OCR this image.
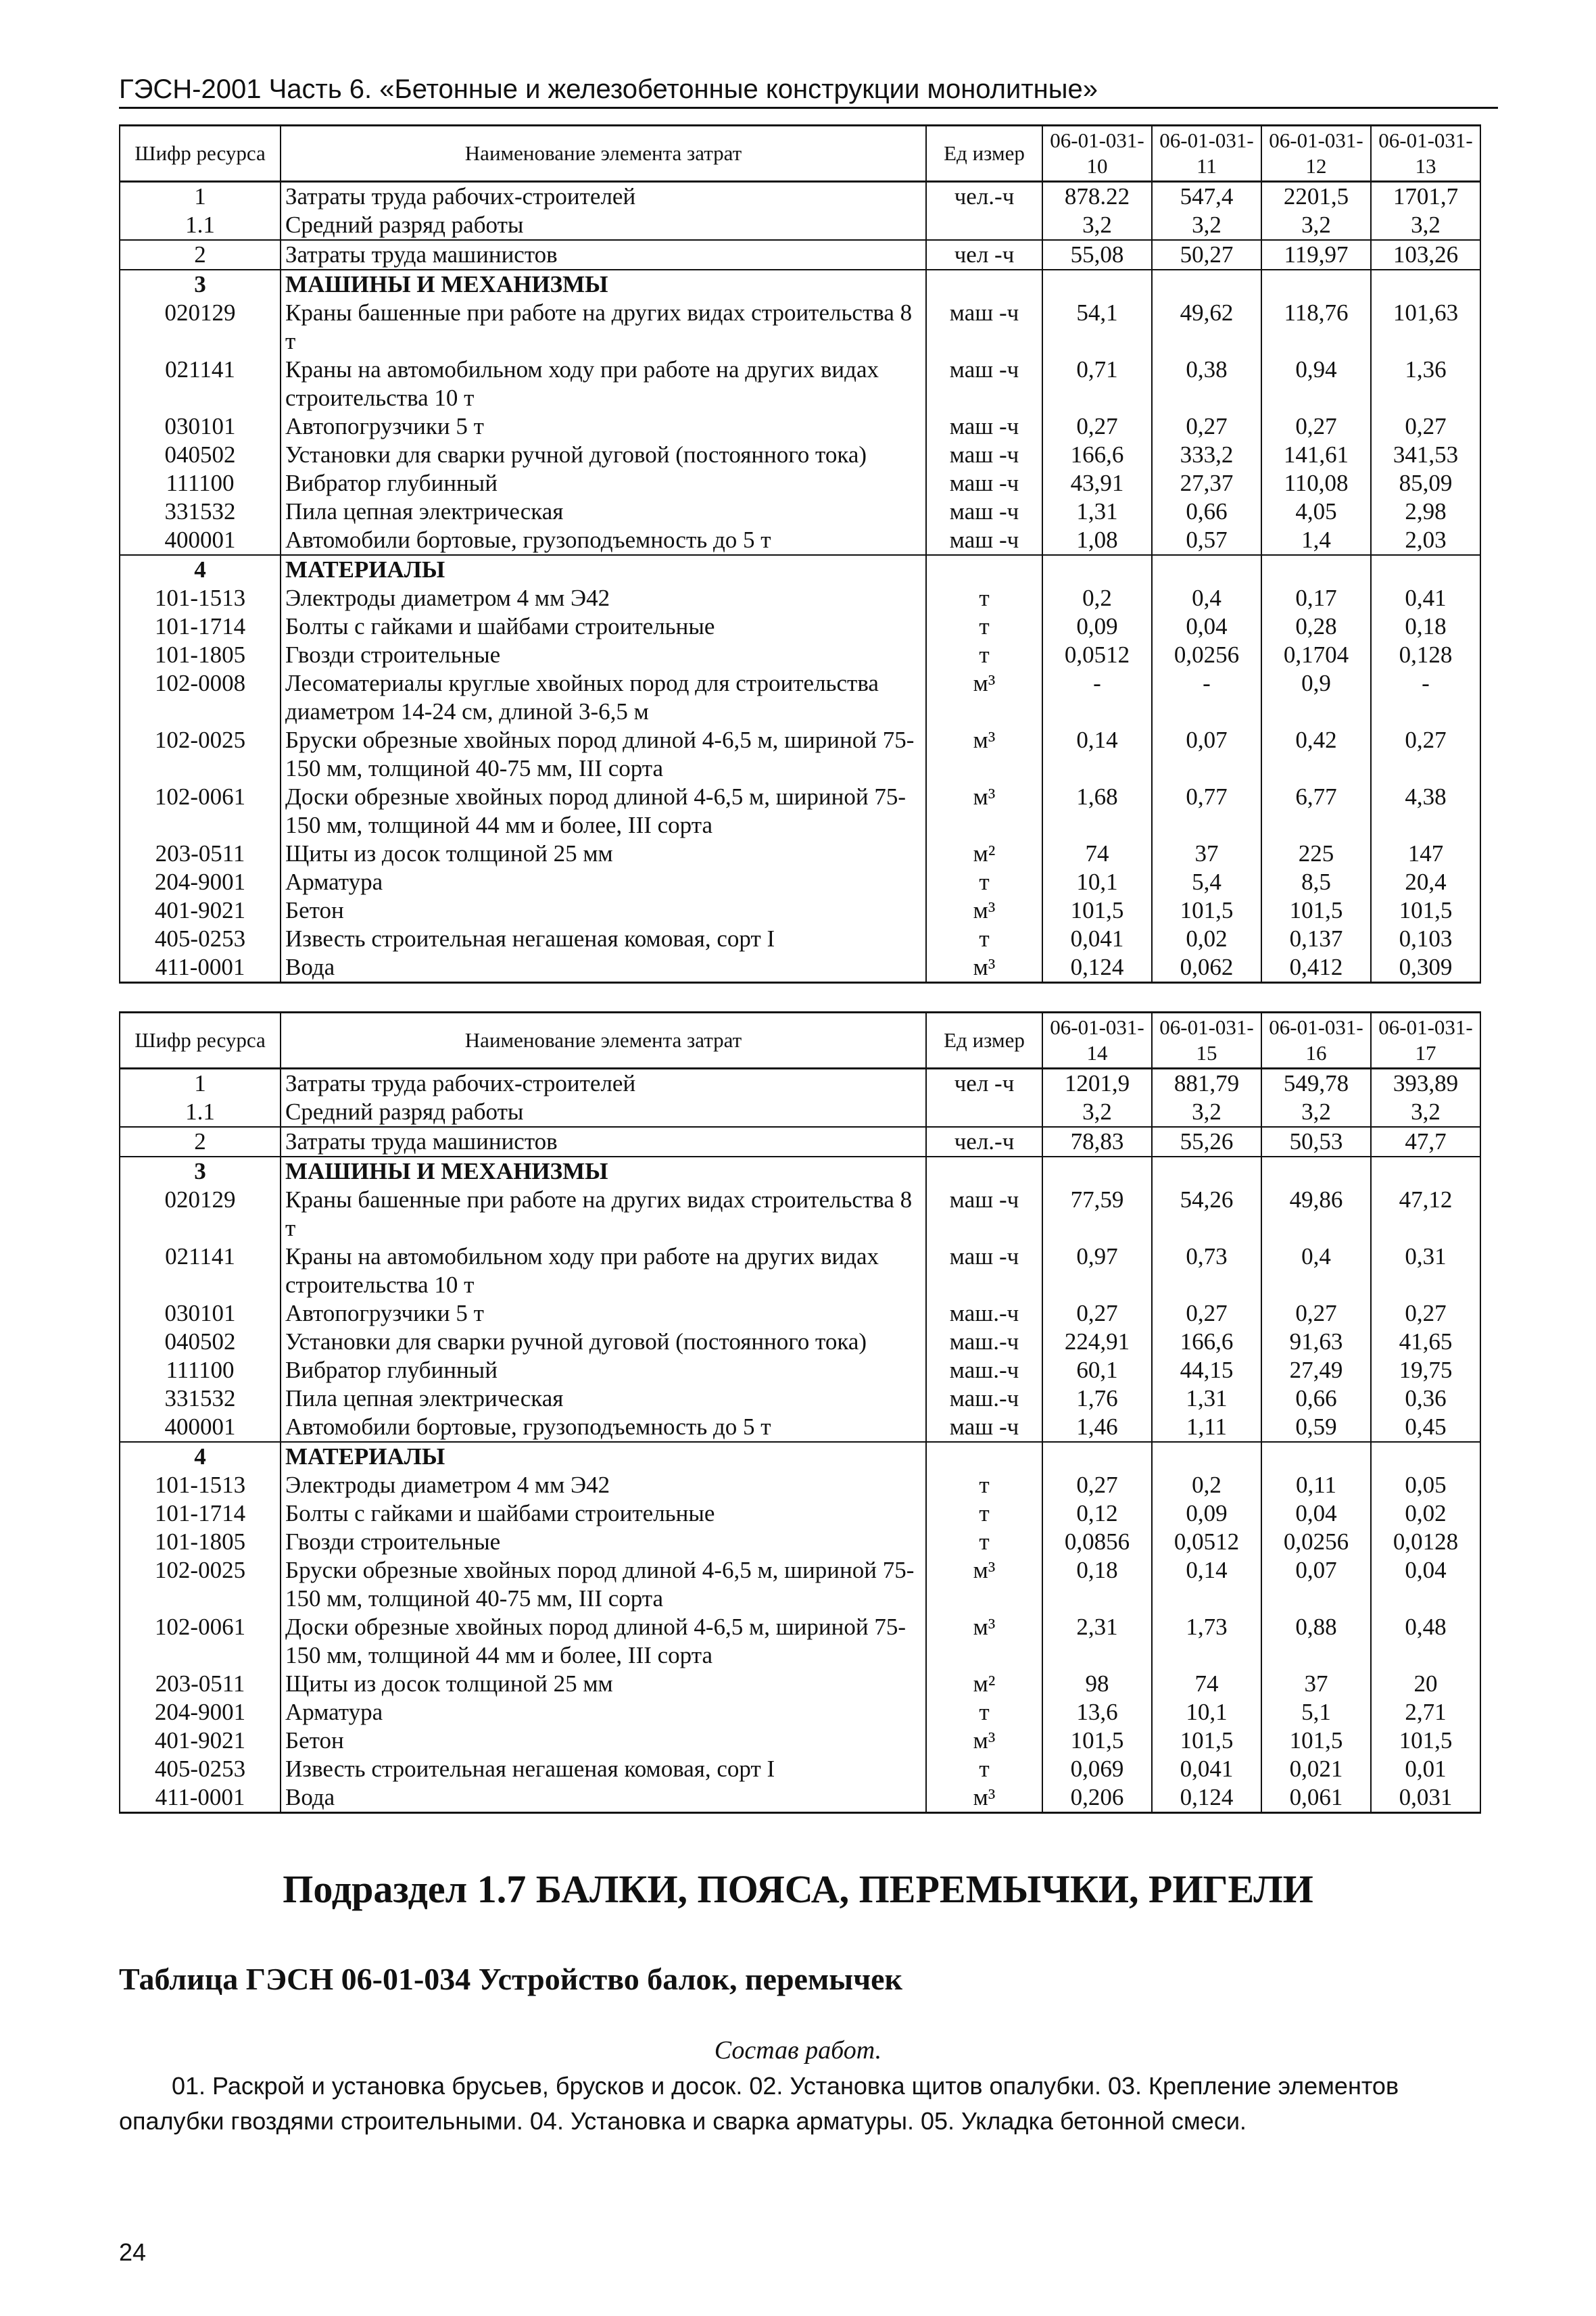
ГЭСН-2001 Часть 6. «Бетонные и железобетонные конструкции монолитные»
Шифр ресурса	Наименование элемента затрат	Ед измер	06-01-031-10	06-01-031-11	06-01-031-12	06-01-031-13
1	Затраты труда рабочих-строителей	чел.-ч	878.22	547,4	2201,5	1701,7
1.1	Средний разряд работы		3,2	3,2	3,2	3,2
2	Затраты труда машинистов	чел -ч	55,08	50,27	119,97	103,26
3	МАШИНЫ И МЕХАНИЗМЫ					
020129	Краны башенные при работе на других видах строительства 8 т	маш -ч	54,1	49,62	118,76	101,63
021141	Краны на автомобильном ходу при работе на других видах строительства 10 т	маш -ч	0,71	0,38	0,94	1,36
030101	Автопогрузчики 5 т	маш -ч	0,27	0,27	0,27	0,27
040502	Установки для сварки ручной дуговой (постоянного тока)	маш -ч	166,6	333,2	141,61	341,53
111100	Вибратор глубинный	маш -ч	43,91	27,37	110,08	85,09
331532	Пила цепная электрическая	маш -ч	1,31	0,66	4,05	2,98
400001	Автомобили бортовые, грузоподъемность до 5 т	маш -ч	1,08	0,57	1,4	2,03
4	МАТЕРИАЛЫ					
101-1513	Электроды диаметром 4 мм Э42	т	0,2	0,4	0,17	0,41
101-1714	Болты с гайками и шайбами строительные	т	0,09	0,04	0,28	0,18
101-1805	Гвозди строительные	т	0,0512	0,0256	0,1704	0,128
102-0008	Лесоматериалы круглые хвойных пород для строительства диаметром 14-24 см, длиной 3-6,5 м	м³	-	-	0,9	-
102-0025	Бруски обрезные хвойных пород длиной 4-6,5 м, шириной 75-150 мм, толщиной 40-75 мм, III сорта	м³	0,14	0,07	0,42	0,27
102-0061	Доски обрезные хвойных пород длиной 4-6,5 м, шириной 75-150 мм, толщиной 44 мм и более, III сорта	м³	1,68	0,77	6,77	4,38
203-0511	Щиты из досок толщиной 25 мм	м²	74	37	225	147
204-9001	Арматура	т	10,1	5,4	8,5	20,4
401-9021	Бетон	м³	101,5	101,5	101,5	101,5
405-0253	Известь строительная негашеная комовая, сорт I	т	0,041	0,02	0,137	0,103
411-0001	Вода	м³	0,124	0,062	0,412	0,309
Шифр ресурса	Наименование элемента затрат	Ед измер	06-01-031-14	06-01-031-15	06-01-031-16	06-01-031-17
1	Затраты труда рабочих-строителей	чел -ч	1201,9	881,79	549,78	393,89
1.1	Средний разряд работы		3,2	3,2	3,2	3,2
2	Затраты труда машинистов	чел.-ч	78,83	55,26	50,53	47,7
3	МАШИНЫ И МЕХАНИЗМЫ					
020129	Краны башенные при работе на других видах строительства 8 т	маш -ч	77,59	54,26	49,86	47,12
021141	Краны на автомобильном ходу при работе на других видах строительства 10 т	маш -ч	0,97	0,73	0,4	0,31
030101	Автопогрузчики 5 т	маш.-ч	0,27	0,27	0,27	0,27
040502	Установки для сварки ручной дуговой (постоянного тока)	маш.-ч	224,91	166,6	91,63	41,65
111100	Вибратор глубинный	маш.-ч	60,1	44,15	27,49	19,75
331532	Пила цепная электрическая	маш.-ч	1,76	1,31	0,66	0,36
400001	Автомобили бортовые, грузоподъемность до 5 т	маш -ч	1,46	1,11	0,59	0,45
4	МАТЕРИАЛЫ					
101-1513	Электроды диаметром 4 мм Э42	т	0,27	0,2	0,11	0,05
101-1714	Болты с гайками и шайбами строительные	т	0,12	0,09	0,04	0,02
101-1805	Гвозди строительные	т	0,0856	0,0512	0,0256	0,0128
102-0025	Бруски обрезные хвойных пород длиной 4-6,5 м, шириной 75-150 мм, толщиной 40-75 мм, III сорта	м³	0,18	0,14	0,07	0,04
102-0061	Доски обрезные хвойных пород длиной 4-6,5 м, шириной 75-150 мм, толщиной 44 мм и более, III сорта	м³	2,31	1,73	0,88	0,48
203-0511	Щиты из досок толщиной 25 мм	м²	98	74	37	20
204-9001	Арматура	т	13,6	10,1	5,1	2,71
401-9021	Бетон	м³	101,5	101,5	101,5	101,5
405-0253	Известь строительная негашеная комовая, сорт I	т	0,069	0,041	0,021	0,01
411-0001	Вода	м³	0,206	0,124	0,061	0,031
Подраздел 1.7 БАЛКИ, ПОЯСА, ПЕРЕМЫЧКИ, РИГЕЛИ
Таблица ГЭСН 06-01-034 Устройство балок, перемычек
Состав работ.
01. Раскрой и установка брусьев, брусков и досок. 02. Установка щитов опалубки. 03. Крепление элементов опалубки гвоздями строительными. 04. Установка и сварка арматуры. 05. Укладка бетонной смеси.
24
